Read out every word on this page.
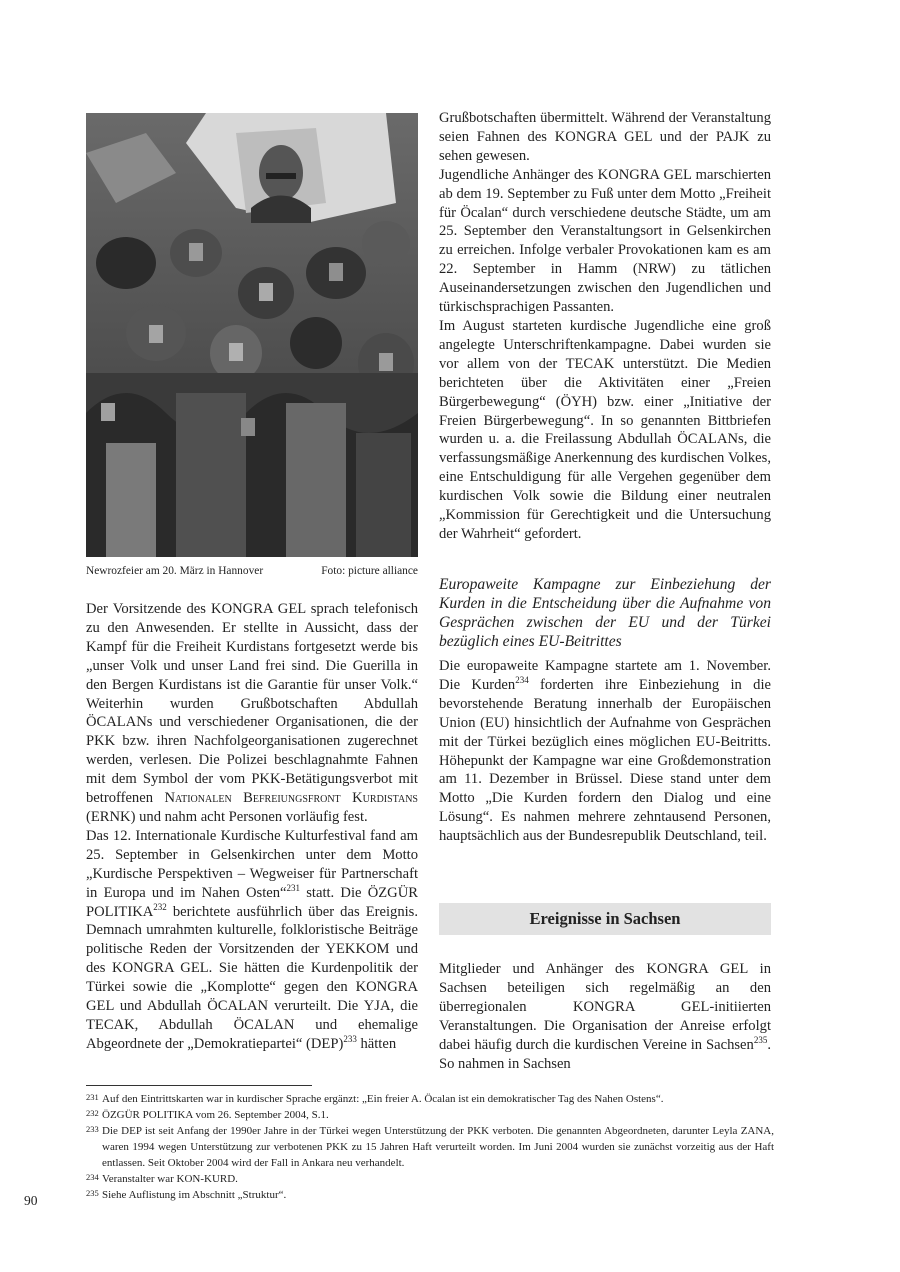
Newrozfeier am 20. März in Hannover	Foto: picture alliance

Der Vorsitzende des KONGRA GEL sprach telefonisch zu den Anwesenden. Er stellte in Aussicht, dass der Kampf für die Freiheit Kurdistans fortgesetzt werde bis „unser Volk und unser Land frei sind. Die Guerilla in den Bergen Kurdistans ist die Garantie für unser Volk.“ Weiterhin wurden Grußbotschaften Abdullah ÖCALANs und verschiedener Organisationen, die der PKK bzw. ihren Nachfolgeorganisationen zugerechnet werden, verlesen. Die Polizei beschlagnahmte Fahnen mit dem Symbol der vom PKK-Betätigungsverbot mit betroffenen Nationalen Befreiungsfront Kurdistans (ERNK) und nahm acht Personen vorläufig fest.

Das 12. Internationale Kurdische Kulturfestival fand am 25. September in Gelsenkirchen unter dem Motto „Kurdische Perspektiven – Wegweiser für Partnerschaft in Europa und im Nahen Osten“$^{231}$ statt. Die ÖZGÜR POLITIKA$^{232}$ berichtete ausführlich über das Ereignis. Demnach umrahmten kulturelle, folkloristische Beiträge politische Reden der Vorsitzenden der YEKKOM und des KONGRA GEL. Sie hätten die Kurdenpolitik der Türkei sowie die „Komplotte“ gegen den KONGRA GEL und Abdullah ÖCALAN verurteilt. Die YJA, die TECAK, Abdullah ÖCALAN und ehemalige Abgeordnete der „Demokratiepartei“ (DEP)$^{233}$ hätten

Grußbotschaften übermittelt. Während der Veranstaltung seien Fahnen des KONGRA GEL und der PAJK zu sehen gewesen.

Jugendliche Anhänger des KONGRA GEL marschierten ab dem 19. September zu Fuß unter dem Motto „Freiheit für Öcalan“ durch verschiedene deutsche Städte, um am 25. September den Veranstaltungsort in Gelsenkirchen zu erreichen. Infolge verbaler Provokationen kam es am 22. September in Hamm (NRW) zu tätlichen Auseinandersetzungen zwischen den Jugendlichen und türkischsprachigen Passanten.

Im August starteten kurdische Jugendliche eine groß angelegte Unterschriftenkampagne. Dabei wurden sie vor allem von der TECAK unterstützt. Die Medien berichteten über die Aktivitäten einer „Freien Bürgerbewegung“ (ÖYH) bzw. einer „Initiative der Freien Bürgerbewegung“. In so genannten Bittbriefen wurden u. a. die Freilassung Abdullah ÖCALANs, die verfassungsmäßige Anerkennung des kurdischen Volkes, eine Entschuldigung für alle Vergehen gegenüber dem kurdischen Volk sowie die Bildung einer neutralen „Kommission für Gerechtigkeit und die Untersuchung der Wahrheit“ gefordert.

Europaweite Kampagne zur Einbeziehung der Kurden in die Entscheidung über die Aufnahme von Gesprächen zwischen der EU und der Türkei bezüglich eines EU-Beitrittes

Die europaweite Kampagne startete am 1. November. Die Kurden$^{234}$ forderten ihre Einbeziehung in die bevorstehende Beratung innerhalb der Europäischen Union (EU) hinsichtlich der Aufnahme von Gesprächen mit der Türkei bezüglich eines möglichen EU-Beitritts. Höhepunkt der Kampagne war eine Großdemonstration am 11. Dezember in Brüssel. Diese stand unter dem Motto „Die Kurden fordern den Dialog und eine Lösung“. Es nahmen mehrere zehntausend Personen, hauptsächlich aus der Bundesrepublik Deutschland, teil.

Ereignisse in Sachsen

Mitglieder und Anhänger des KONGRA GEL in Sachsen beteiligen sich regelmäßig an den überregionalen KONGRA GEL-initiierten Veranstaltungen. Die Organisation der Anreise erfolgt dabei häufig durch die kurdischen Vereine in Sachsen$^{235}$. So nahmen in Sachsen

231 Auf den Eintrittskarten war in kurdischer Sprache ergänzt: „Ein freier A. Öcalan ist ein demokratischer Tag des Nahen Ostens“.
232 ÖZGÜR POLITIKA vom 26. September 2004, S.1.
233 Die DEP ist seit Anfang der 1990er Jahre in der Türkei wegen Unterstützung der PKK verboten. Die genannten Abgeordneten, darunter Leyla ZANA, waren 1994 wegen Unterstützung zur verbotenen PKK zu 15 Jahren Haft verurteilt worden. Im Juni 2004 wurden sie zunächst vorzeitig aus der Haft entlassen. Seit Oktober 2004 wird der Fall in Ankara neu verhandelt.
234 Veranstalter war KON-KURD.
235 Siehe Auflistung im Abschnitt „Struktur“.
90
